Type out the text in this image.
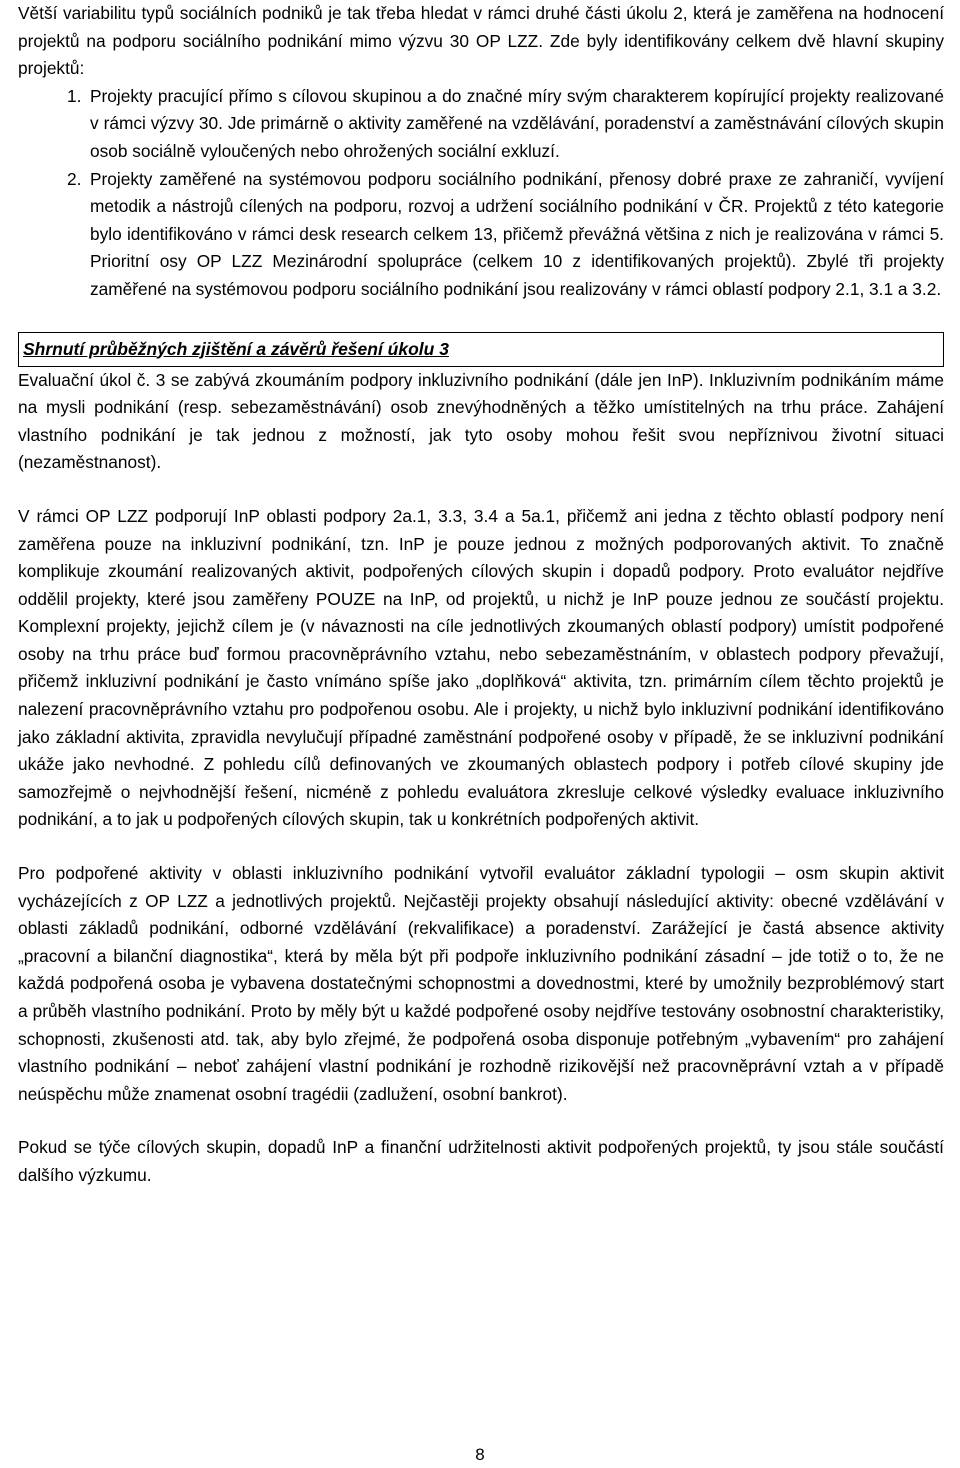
Větší variabilitu typů sociálních podniků je tak třeba hledat v rámci druhé části úkolu 2, která je zaměřena na hodnocení projektů na podporu sociálního podnikání mimo výzvu 30 OP LZZ. Zde byly identifikovány celkem dvě hlavní skupiny projektů:

1. Projekty pracující přímo s cílovou skupinou a do značné míry svým charakterem kopírující projekty realizované v rámci výzvy 30. Jde primárně o aktivity zaměřené na vzdělávání, poradenství a zaměstnávání cílových skupin osob sociálně vyloučených nebo ohrožených sociální exkluzí.
2. Projekty zaměřené na systémovou podporu sociálního podnikání, přenosy dobré praxe ze zahraničí, vyvíjení metodik a nástrojů cílených na podporu, rozvoj a udržení sociálního podnikání v ČR. Projektů z této kategorie bylo identifikováno v rámci desk research celkem 13, přičemž převážná většina z nich je realizována v rámci 5. Prioritní osy OP LZZ Mezinárodní spolupráce (celkem 10 z identifikovaných projektů). Zbylé tři projekty zaměřené na systémovou podporu sociálního podnikání jsou realizovány v rámci oblastí podpory 2.1, 3.1 a 3.2.
Shrnutí průběžných zjištění a závěrů řešení úkolu 3

Evaluační úkol č. 3 se zabývá zkoumáním podpory inkluzivního podnikání (dále jen InP). Inkluzivním podnikáním máme na mysli podnikání (resp. sebezaměstnávání) osob znevýhodněných a těžko umístitelných na trhu práce. Zahájení vlastního podnikání je tak jednou z možností, jak tyto osoby mohou řešit svou nepříznivou životní situaci (nezaměstnanost).

V rámci OP LZZ podporují InP oblasti podpory 2a.1, 3.3, 3.4 a 5a.1, přičemž ani jedna z těchto oblastí podpory není zaměřena pouze na inkluzivní podnikání, tzn. InP je pouze jednou z možných podporovaných aktivit. To značně komplikuje zkoumání realizovaných aktivit, podpořených cílových skupin i dopadů podpory. Proto evaluátor nejdříve oddělil projekty, které jsou zaměřeny POUZE na InP, od projektů, u nichž je InP pouze jednou ze součástí projektu. Komplexní projekty, jejichž cílem je (v návaznosti na cíle jednotlivých zkoumaných oblastí podpory) umístit podpořené osoby na trhu práce buď formou pracovněprávního vztahu, nebo sebezaměstnáním, v oblastech podpory převažují, přičemž inkluzivní podnikání je často vnímáno spíše jako „doplňková“ aktivita, tzn. primárním cílem těchto projektů je nalezení pracovněprávního vztahu pro podpořenou osobu. Ale i projekty, u nichž bylo inkluzivní podnikání identifikováno jako základní aktivita, zpravidla nevylučují případné zaměstnání podpořené osoby v případě, že se inkluzivní podnikání ukáže jako nevhodné. Z pohledu cílů definovaných ve zkoumaných oblastech podpory i potřeb cílové skupiny jde samozřejmě o nejvhodnější řešení, nicméně z pohledu evaluátora zkresluje celkové výsledky evaluace inkluzivního podnikání, a to jak u podpořených cílových skupin, tak u konkrétních podpořených aktivit.

Pro podpořené aktivity v oblasti inkluzivního podnikání vytvořil evaluátor základní typologii – osm skupin aktivit vycházejících z OP LZZ a jednotlivých projektů. Nejčastěji projekty obsahují následující aktivity: obecné vzdělávání v oblasti základů podnikání, odborné vzdělávání (rekvalifikace) a poradenství. Zarážející je častá absence aktivity „pracovní a bilanční diagnostika“, která by měla být při podpoře inkluzivního podnikání zásadní – jde totiž o to, že ne každá podpořená osoba je vybavena dostatečnými schopnostmi a dovednostmi, které by umožnily bezproblémový start a průběh vlastního podnikání. Proto by měly být u každé podpořené osoby nejdříve testovány osobnostní charakteristiky, schopnosti, zkušenosti atd. tak, aby bylo zřejmé, že podpořená osoba disponuje potřebným „vybavením“ pro zahájení vlastního podnikání – neboť zahájení vlastní podnikání je rozhodně rizikovější než pracovněprávní vztah a v případě neúspěchu může znamenat osobní tragédii (zadlužení, osobní bankrot).

Pokud se týče cílových skupin, dopadů InP a finanční udržitelnosti aktivit podpořených projektů, ty jsou stále součástí dalšího výzkumu.

8
